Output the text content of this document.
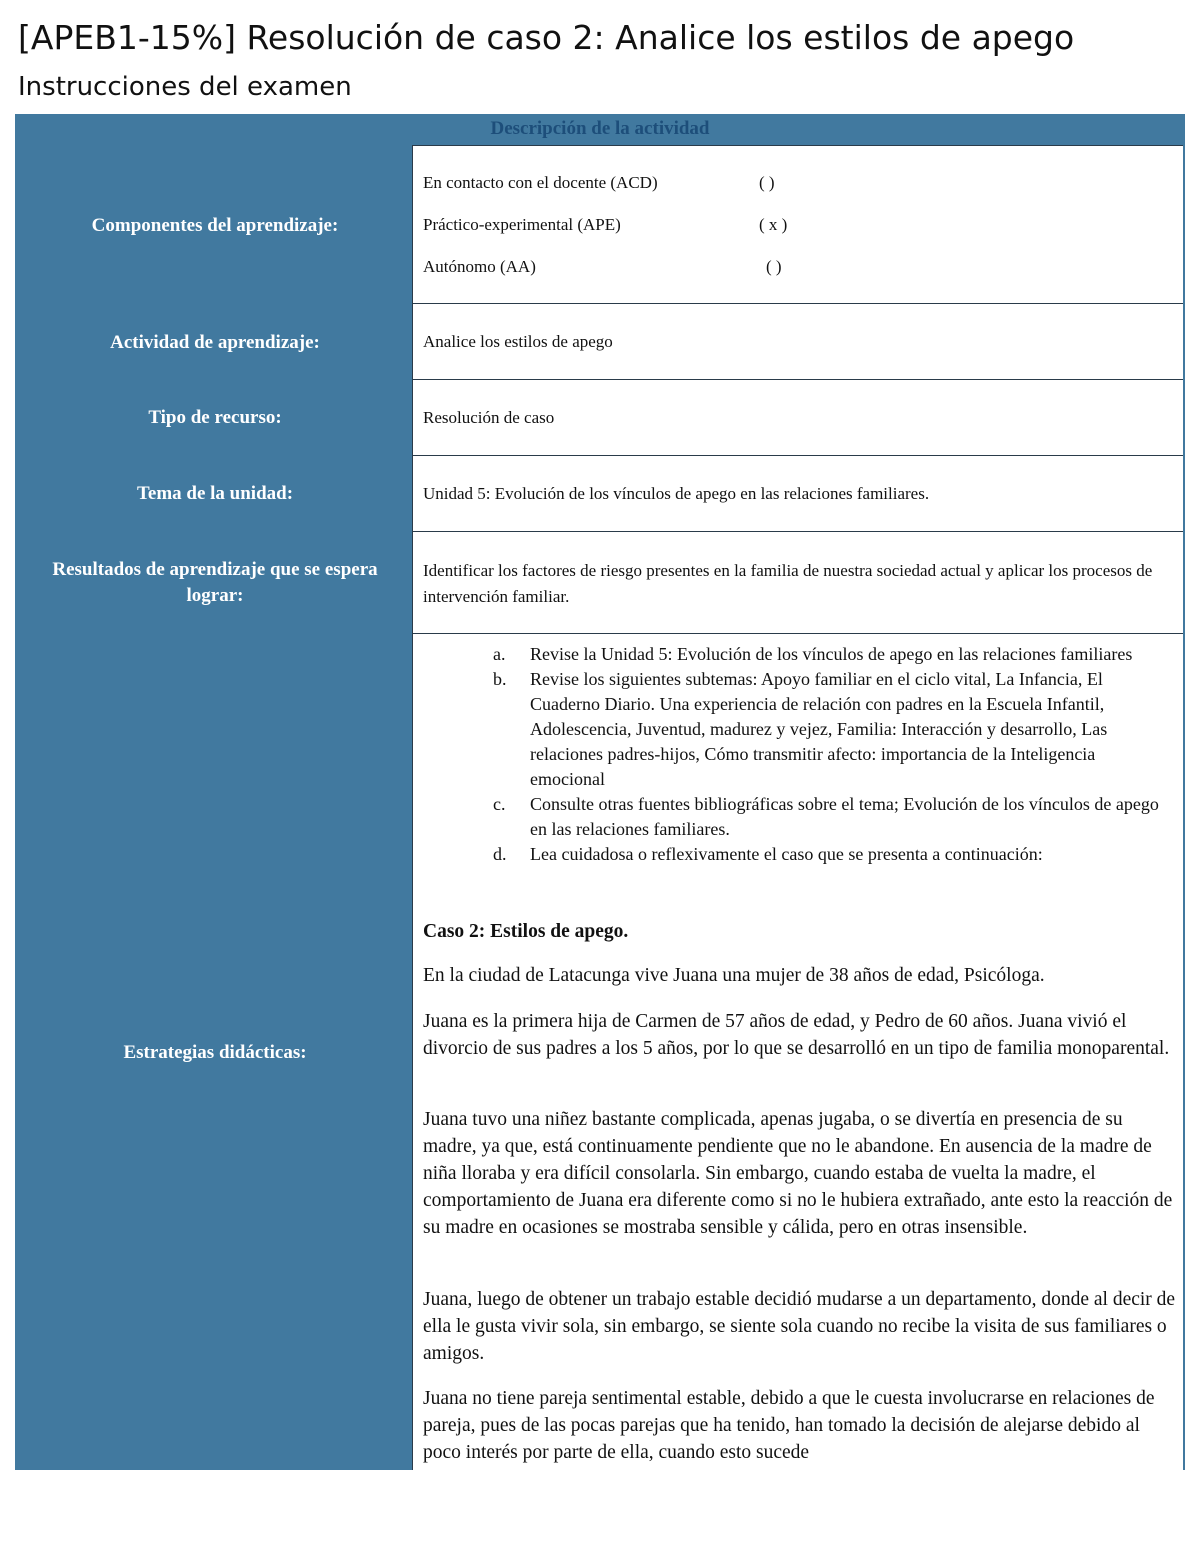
[APEB1-15%] Resolución de caso 2: Analice los estilos de apego
Instrucciones del examen
Descripción de la actividad
Componentes del aprendizaje:
En contacto con el docente (ACD)	( )
Práctico-experimental (APE)	( x )
Autónomo (AA)	( )
Actividad de aprendizaje:	Analice los estilos de apego
Tipo de recurso:	Resolución de caso
Tema de la unidad:	Unidad 5: Evolución de los vínculos de apego en las relaciones familiares.
Resultados de aprendizaje que se espera lograr:
Identificar los factores de riesgo presentes en la familia de nuestra sociedad actual y aplicar los procesos de intervención familiar.
Estrategias didácticas:
a. Revise la Unidad 5: Evolución de los vínculos de apego en las relaciones familiares
b. Revise los siguientes subtemas: Apoyo familiar en el ciclo vital, La Infancia, El Cuaderno Diario. Una experiencia de relación con padres en la Escuela Infantil, Adolescencia, Juventud, madurez y vejez, Familia: Interacción y desarrollo, Las relaciones padres-hijos, Cómo transmitir afecto: importancia de la Inteligencia emocional
c. Consulte otras fuentes bibliográficas sobre el tema; Evolución de los vínculos de apego en las relaciones familiares.
d. Lea cuidadosa o reflexivamente el caso que se presenta a continuación:
Caso 2: Estilos de apego.
En la ciudad de Latacunga vive Juana una mujer de 38 años de edad, Psicóloga.
Juana es la primera hija de Carmen de 57 años de edad, y Pedro de 60 años. Juana vivió el divorcio de sus padres a los 5 años, por lo que se desarrolló en un tipo de familia monoparental.
Juana tuvo una niñez bastante complicada, apenas jugaba, o se divertía en presencia de su madre, ya que, está continuamente pendiente que no le abandone. En ausencia de la madre de niña lloraba y era difícil consolarla. Sin embargo, cuando estaba de vuelta la madre, el comportamiento de Juana era diferente como si no le hubiera extrañado, ante esto la reacción de su madre en ocasiones se mostraba sensible y cálida, pero en otras insensible.
Juana, luego de obtener un trabajo estable decidió mudarse a un departamento, donde al decir de ella le gusta vivir sola, sin embargo, se siente sola cuando no recibe la visita de sus familiares o amigos.
Juana no tiene pareja sentimental estable, debido a que le cuesta involucrarse en relaciones de pareja, pues de las pocas parejas que ha tenido, han tomado la decisión de alejarse debido al poco interés por parte de ella, cuando esto sucede
